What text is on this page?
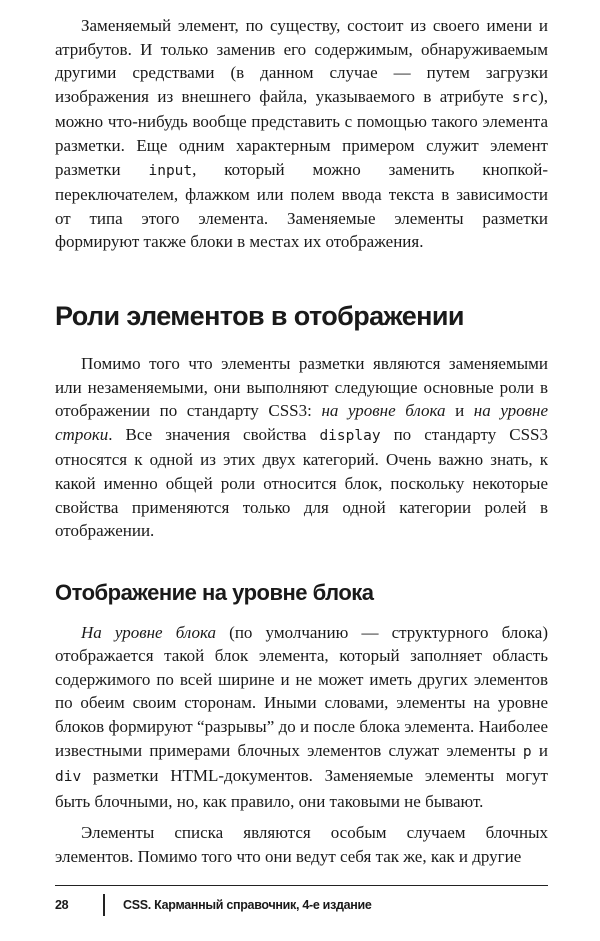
Заменяемый элемент, по существу, состоит из своего имени и атрибутов. И только заменив его содержимым, обнаруживаемым другими средствами (в данном случае — путем загрузки изображения из внешнего файла, указываемого в атрибуте src), можно что-нибудь вообще представить с помощью такого элемента разметки. Еще одним характерным примером служит элемент разметки input, который можно заменить кнопкой-переключателем, флажком или полем ввода текста в зависимости от типа этого элемента. Заменяемые элементы разметки формируют также блоки в местах их отображения.

Роли элементов в отображении

Помимо того что элементы разметки являются заменяемыми или незаменяемыми, они выполняют следующие основные роли в отображении по стандарту CSS3: на уровне блока и на уровне строки. Все значения свойства display по стандарту CSS3 относятся к одной из этих двух категорий. Очень важно знать, к какой именно общей роли относится блок, поскольку некоторые свойства применяются только для одной категории ролей в отображении.

Отображение на уровне блока

На уровне блока (по умолчанию — структурного блока) отображается такой блок элемента, который заполняет область содержимого по всей ширине и не может иметь других элементов по обеим своим сторонам. Иными словами, элементы на уровне блоков формируют “разрывы” до и после блока элемента. Наиболее известными примерами блочных элементов служат элементы p и div разметки HTML-документов. Заменяемые элементы могут быть блочными, но, как правило, они таковыми не бывают.

Элементы списка являются особым случаем блочных элементов. Помимо того что они ведут себя так же, как и другие

28	CSS. Карманный справочник, 4-е издание
